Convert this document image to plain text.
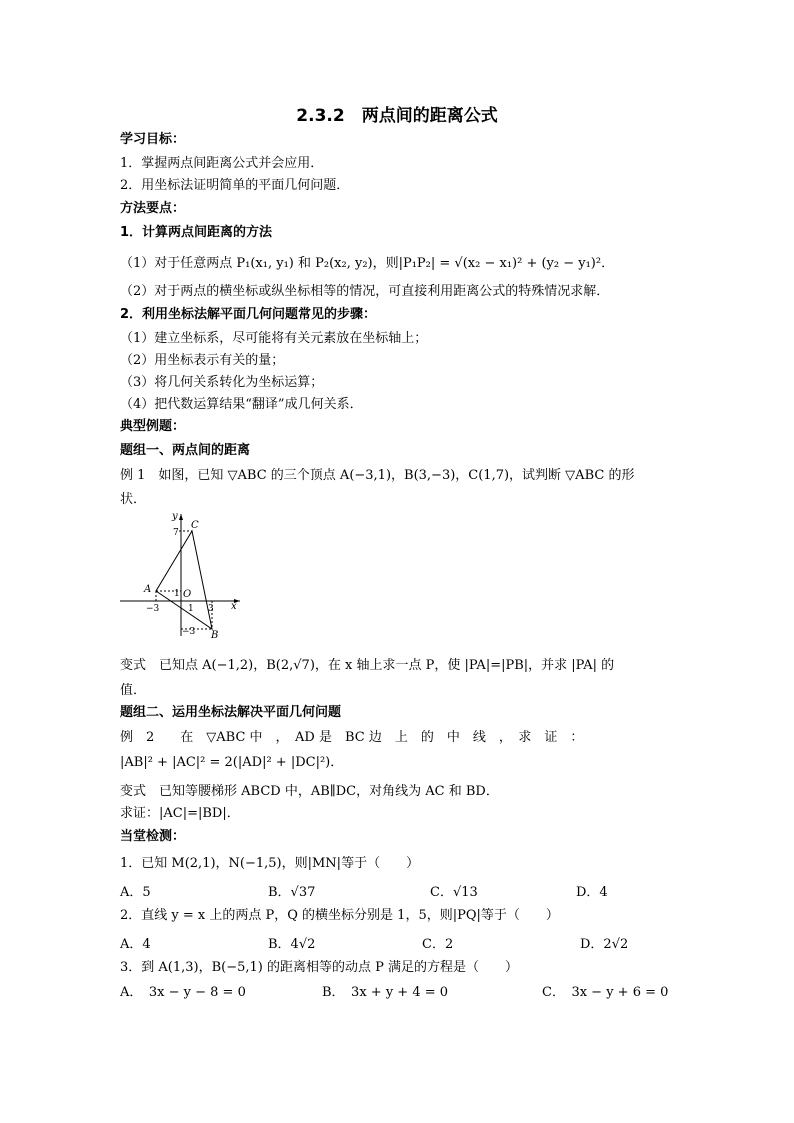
2.3.2　两点间的距离公式
学习目标：
1．掌握两点间距离公式并会应用．
2．用坐标法证明简单的平面几何问题．
方法要点：
1．计算两点间距离的方法
（1）对于任意两点 P₁(x₁, y₁) 和 P₂(x₂, y₂)，则|P₁P₂| = √(x₂ − x₁)² + (y₂ − y₁)²．
（2）对于两点的横坐标或纵坐标相等的情况，可直接利用距离公式的特殊情况求解．
2．利用坐标法解平面几何问题常见的步骤：
（1）建立坐标系，尽可能将有关元素放在坐标轴上；
（2）用坐标表示有关的量；
（3）将几何关系转化为坐标运算；
（4）把代数运算结果“翻译”成几何关系．
典型例题：
题组一、两点间的距离
例 1　如图，已知 ▽ABC 的三个顶点 A(−3,1)，B(3,−3)，C(1,7)，试判断 ▽ABC 的形
状．
y
x
C
A
B
O
7
1
−3	1 3
−3
变式　已知点 A(−1,2)，B(2,√7)，在 x 轴上求一点 P，使 |PA|=|PB|，并求 |PA| 的
值．
题组二、运用坐标法解决平面几何问题
例　2　　在　▽ABC 中　，　AD 是　BC 边　上　的　中　线　，　求　证　：
|AB|² + |AC|² = 2(|AD|² + |DC|²)．
变式　已知等腰梯形 ABCD 中，AB∥DC，对角线为 AC 和 BD．
求证：|AC|=|BD|．
当堂检测：
1．已知 M(2,1)，N(−1,5)，则|MN|等于（　　）
A．5	B．√37	C．√13	D．4
2．直线 y = x 上的两点 P，Q 的横坐标分别是 1，5，则|PQ|等于（　　）
A．4	B．4√2	C．2	D．2√2
3．到 A(1,3)，B(−5,1) 的距离相等的动点 P 满足的方程是（　　）
A．　3x − y − 8 = 0	B．　3x + y + 4 = 0	C．　3x − y + 6 = 0
